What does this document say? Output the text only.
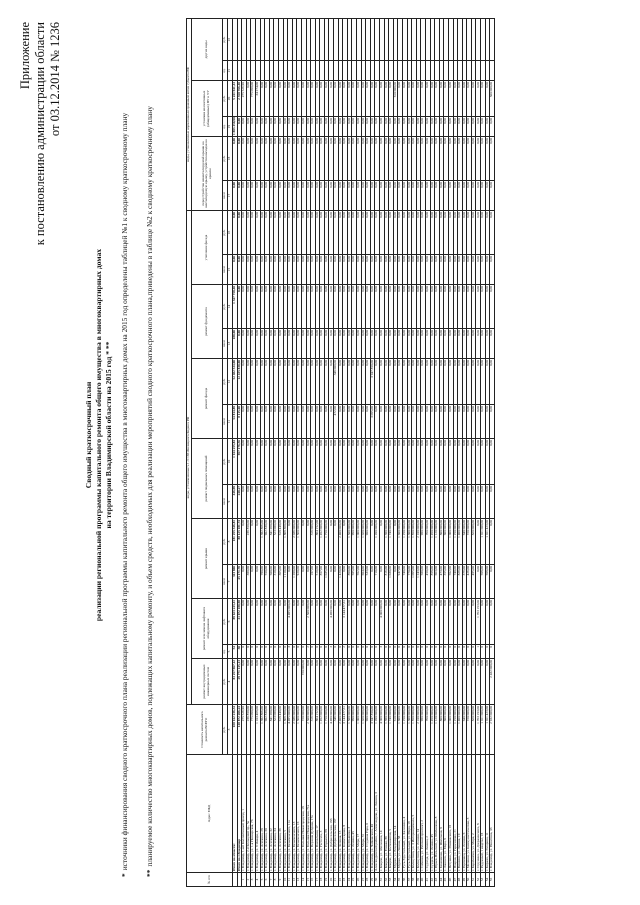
Приложение к постановлению администрации области от 03.12.2014 № 1236
Сводный краткосрочный план реализации региональной программы капитального ремонта общего имущества в многоквартирных домах на территории Владимирской области на 2015 год * **
*источники финансирования сводного краткосрочного плана реализации региональной программы капитального ремонта общего имущества в многоквартирных домах на 2015 год определены таблицей №1 к сводному краткосрочному плану
**планируемое количество многоквартирных домов, подлежащих капитальному ремонту, и объем средств, необходимых для реализации мероприятий сводного краткосрочного плана,приведены в таблице №2 к сводному краткосрочному плану
№ п/п	Адрес МКД	Стоимость капитального ремонта ВСЕГО	виды, установленные ч.1 ст.166 Жилищного Кодекса РФ													виды, установленные нормативным правовым актом субъекта РФ					
			ремонт внутридомовых инженерных систем	ремонт или замена лифтового оборудования		ремонт крыши		ремонт подвальных помещений		ремонт фасада		ремонт фундамента		утепление фасада		переустройство невентилируемой крыши на вентилируемую крышу, устройство выходов на кровлю		установка коллективных (общедомовых) ПУ и УУ		другие виды	
		руб.	руб.	ед.	руб.	кв.м	руб.	кв.м	руб.	кв.м	руб.	кв.м	руб.	кв.м	руб.	кв.м	руб.	ед.	руб.	ед.	руб.
		3	4	5	6	7	8	9	10	11	12	13	14	15	16	17	18	19	20	21	22
	Итого по области:	658 612 236,34	83 257 967,12	54	89 623 243,41	313 800	181 255 346,81	446,99	1 614 255,84	54 814,89	52 482 534,00	180,00	1 347 758,40	0,00	0,00	0,00	0,00	1 803 450,90	5 241 941,43		
	Итого по г.Владимир	148 872 206,24	29 771 145,13	30	41 072 180,98	45 171,70	88 125 181,74	240,27	957 176,56	8 115,60	12 435 830,00	0,00	0,00	0,00	0,00	0,00	0,00	0,00	2 358 766,40		
1	г. Владимир, 1-ый Коллективный проезд, 1	275 526,90	0,00	0	0,00	0,00	0,00	0,00	0,00	0,00	0,00	0,00	0,00	0,00	0,00	0,00	0,00	0,00	275 526,90		
2	г. Владимир, 2-й Кольцевой пр., 5а	236 850,00	0,00	0	0,00	380,00	236 850,00	0,00	0,00	0,00	0,00	0,00	0,00	0,00	0,00	0,00	0,00	0,00	0,00		
3	г. Владимир, ул. 1-я Пионерская, 76	775 090,00	0,00	0	0,00	0,00	0,00	0,00	0,00	0,00	0,00	0,00	0,00	0,00	0,00	0,00	0,00	0,00	775 090,00		
4	г. Владимир, ул. 9 Января, 4	1 103 468,00	0,00	0	0,00	0,00	0,00	0,00	0,00	0,00	0,00	0,00	0,00	0,00	0,00	0,00	0,00	0,00	34 274,00		
5	г. Владимир, ул. Асаткина, 28	1 382 866,00	0,00	0	0,00	780,00	1 382 866,00	0,00	0,00	0,00	0,00	0,00	0,00	0,00	0,00	0,00	0,00	0,00	0,00		
6	г. Владимир, ул. Асаткина, 30	902 830,00	0,00	0	0,00	550,00	902 830,00	0,00	0,00	0,00	0,00	0,00	0,00	0,00	0,00	0,00	0,00	0,00	0,00		
7	г. Владимир, ул. Асаткина, 32	841 260,00	0,00	0	0,00	500,00	841 260,00	0,00	0,00	0,00	0,00	0,00	0,00	0,00	0,00	0,00	0,00	0,00	0,00		
8	г. Владимир, ул. Асаткина, 34	523 080,00	0,00	0	0,00	310,00	523 080,00	0,00	0,00	0,00	0,00	0,00	0,00	0,00	0,00	0,00	0,00	0,00	0,00		
9	г. Владимир, ул. Асаткина, 36	618 440,00	0,00	0	0,00	365,00	618 440,00	0,00	0,00	0,00	0,00	0,00	0,00	0,00	0,00	0,00	0,00	0,00	0,00		
10	г. Владимир, ул. Асаткина, 5	1 869 360,00	0,00	0	0,00	1 110,00	1 869 360,00	0,00	0,00	0,00	0,00	0,00	0,00	0,00	0,00	0,00	0,00	0,00	0,00		
11	г. Владимир, ул. Безыменского, 11а	4 485 000,00	0,00	3	4 485 000,00	0,00	0,00	0,00	0,00	0,00	0,00	0,00	0,00	0,00	0,00	0,00	0,00	0,00	0,00		
12	г. Владимир, ул. Безыменского, 13	2 036 000,00	0,00	0	0,00	1 200,00	2 036 000,00	0,00	0,00	0,00	0,00	0,00	0,00	0,00	0,00	0,00	0,00	0,00	0,00		
13	г. Владимир, ул. Безыменского, 16	1 560 000,00	0,00	0	0,00	920,00	1 560 000,00	0,00	0,00	0,00	0,00	0,00	0,00	0,00	0,00	0,00	0,00	0,00	0,00		
14	г. Владимир, ул. Большая Нижегородская, 18	720 000,00	720 000,00	0	0,00	0,00	0,00	0,00	0,00	0,00	0,00	0,00	0,00	0,00	0,00	0,00	0,00	0,00	0,00		
15	г. Владимир, ул. Большая Нижегородская, 71а	2 500 000,00	0,00	2	2 500 000,00	0,00	0,00	0,00	0,00	0,00	0,00	0,00	0,00	0,00	0,00	0,00	0,00	0,00	0,00		
16	г. Владимир, ул. Верхняя Дуброва, 17а	316 000,00	0,00	0	0,00	187,00	316 000,00	0,00	0,00	0,00	0,00	0,00	0,00	0,00	0,00	0,00	0,00	0,00	0,00		
17	г. Владимир, ул. Вокзальная, 17	864 152,00	0,00	0	0,00	510,00	864 152,00	0,00	0,00	0,00	0,00	0,00	0,00	0,00	0,00	0,00	0,00	0,00	0,00		
18	г. Владимир, ул. Гастелло, 3	1 452 000,00	0,00	0	0,00	857,00	1 452 000,00	0,00	0,00	0,00	0,00	0,00	0,00	0,00	0,00	0,00	0,00	0,00	0,00		
19	г. Владимир, ул. Горького, 68	1 750 000,00	0,00	0	0,00	1 035,00	1 750 000,00	0,00	0,00	0,00	0,00	0,00	0,00	0,00	0,00	0,00	0,00	0,00	0,00		
20	г. Владимир, ул. Добросельская, 183	4 480 000,00	0,00	3	4 480 000,00	0,00	0,00	0,00	0,00	0,00	0,00	0,00	0,00	0,00	0,00	0,00	0,00	0,00	0,00		
21	г. Владимир, ул. Добросельская, 187	346 000,00	0,00	0	0,00	0,00	0,00	0,00	0,00	472,00	346 000,00	0,00	0,00	0,00	0,00	0,00	0,00	0,00	0,00		
22	г. Владимир, ул. Зеленая, 13	2 400 000,00	0,00	0	0,00	1 420,00	2 400 000,00	0,00	0,00	0,00	0,00	0,00	0,00	0,00	0,00	0,00	0,00	0,00	0,00		
23	г. Владимир, ул. Комиссарова, 8	3 144 477,61	0,00	2	3 144 477,61	0,00	0,00	0,00	0,00	0,00	0,00	0,00	0,00	0,00	0,00	0,00	0,00	0,00	0,00		
24	г. Владимир, ул. Куйбышева, 3	1 500 000,00	0,00	0	0,00	890,00	1 500 000,00	0,00	0,00	0,00	0,00	0,00	0,00	0,00	0,00	0,00	0,00	0,00	0,00		
25	г. Владимир, ул. Ленина, 45	990 000,00	0,00	0	0,00	585,00	990 000,00	0,00	0,00	0,00	0,00	0,00	0,00	0,00	0,00	0,00	0,00	0,00	0,00		
26	г. Владимир, ул. Мира, 17	1 000 000,00	0,00	0	0,00	592,00	1 000 000,00	0,00	0,00	0,00	0,00	0,00	0,00	0,00	0,00	0,00	0,00	0,00	0,00		
27	г. Владимир, ул. Мира, 31	1 020 000,00	0,00	0	0,00	604,00	1 020 000,00	0,00	0,00	0,00	0,00	0,00	0,00	0,00	0,00	0,00	0,00	0,00	0,00		
28	г. Владимир, ул. Студеная Гора, 6	900 000,00	0,00	0	0,00	533,00	900 000,00	0,00	0,00	0,00	0,00	0,00	0,00	0,00	0,00	0,00	0,00	0,00	0,00		
29	г. Владимир, ул. Чайковского, 40	3 947 850,00	0,00	0	0,00	0,00	0,00	0,00	0,00	3 095,00	3 947 850,00	0,00	0,00	0,00	0,00	0,00	0,00	0,00	0,00		
30	Александровский район, г. Александров, ул. Ленина, 3	1 200 000,00	0,00	0	0,00	710,00	1 200 000,00	0,00	0,00	0,00	0,00	0,00	0,00	0,00	0,00	0,00	0,00	0,00	0,00		
31	г. Ковров, ул. Абельмана, 14	4 000 000,00	0,00	3	4 000 000,00	0,00	0,00	0,00	0,00	0,00	0,00	0,00	0,00	0,00	0,00	0,00	0,00	0,00	0,00		
32	г. Ковров, ул. Еловая, 86	1 380 000,00	0,00	0	0,00	816,00	1 380 000,00	0,00	0,00	0,00	0,00	0,00	0,00	0,00	0,00	0,00	0,00	0,00	0,00		
33	г. Ковров, ул. Космонавтов, 5	1 740 000,00	0,00	0	0,00	1 030,00	1 740 000,00	0,00	0,00	0,00	0,00	0,00	0,00	0,00	0,00	0,00	0,00	0,00	0,00		
34	г. Муром, ул. Владимирская, 14	610 000,00	0,00	0	0,00	0,00	0,00	0,00	0,00	0,00	0,00	0,00	0,00	0,00	0,00	0,00	0,00	0,00	610 000,00		
35	г. Муром, ул. Ленина, 58	1 600 000,00	0,00	0	0,00	947,00	1 600 000,00	0,00	0,00	0,00	0,00	0,00	0,00	0,00	0,00	0,00	0,00	0,00	0,00		
36	г. Гусь-Хрустальный, ул. Калинина, 4	1 250 000,00	0,00	0	0,00	740,00	1 250 000,00	0,00	0,00	0,00	0,00	0,00	0,00	0,00	0,00	0,00	0,00	0,00	0,00		
37	г. Гусь-Хрустальный, ул. Мира, 19	1 300 000,00	0,00	0	0,00	770,00	1 300 000,00	0,00	0,00	0,00	0,00	0,00	0,00	0,00	0,00	0,00	0,00	0,00	0,00		
38	г. Кольчугино, ул. 3 Интернационала, 5	1 850 000,00	0,00	0	0,00	1 095,00	1 850 000,00	0,00	0,00	0,00	0,00	0,00	0,00	0,00	0,00	0,00	0,00	0,00	0,00		
39	г. Кольчугино, ул. Ленина, 14	2 100 000,00	0,00	0	0,00	1 243,00	2 100 000,00	0,00	0,00	0,00	0,00	0,00	0,00	0,00	0,00	0,00	0,00	0,00	0,00		
40	г. Собинка, ул. Рабочий проспект, 2	980 000,00	0,00	0	0,00	580,00	980 000,00	0,00	0,00	0,00	0,00	0,00	0,00	0,00	0,00	0,00	0,00	0,00	0,00		
41	г. Судогда, ул. Ленина, 2	760 000,00	0,00	0	0,00	450,00	760 000,00	0,00	0,00	0,00	0,00	0,00	0,00	0,00	0,00	0,00	0,00	0,00	0,00		
42	г. Суздаль, ул. Ленина, 45	1 450 000,00	0,00	0	0,00	858,00	1 450 000,00	0,00	0,00	0,00	0,00	0,00	0,00	0,00	0,00	0,00	0,00	0,00	0,00		
43	г. Юрьев-Польский, ул. Шибанкова, 8	1 120 000,00	0,00	0	0,00	663,00	1 120 000,00	0,00	0,00	0,00	0,00	0,00	0,00	0,00	0,00	0,00	0,00	0,00	0,00		
44	г. Камешково, ул. Школьная, 8	800 000,00	0,00	0	0,00	473,00	800 000,00	0,00	0,00	0,00	0,00	0,00	0,00	0,00	0,00	0,00	0,00	0,00	0,00		
45	г. Лакинск, ул. Мира, 9	600 000,00	0,00	0	0,00	355,00	600 000,00	0,00	0,00	0,00	0,00	0,00	0,00	0,00	0,00	0,00	0,00	0,00	0,00		
46	г. Петушки, ул. Маяковского, 18	1 000 000,00	0,00	0	0,00	592,00	1 000 000,00	0,00	0,00	0,00	0,00	0,00	0,00	0,00	0,00	0,00	0,00	0,00	0,00		
47	г. Покров, ул. Герасимова, 21	1 250 000,00	0,00	0	0,00	740,00	1 250 000,00	0,00	0,00	0,00	0,00	0,00	0,00	0,00	0,00	0,00	0,00	0,00	0,00		
48	г. Вязники, ул. Ленина, 19	1 400 000,00	0,00	0	0,00	829,00	1 400 000,00	0,00	0,00	0,00	0,00	0,00	0,00	0,00	0,00	0,00	0,00	0,00	0,00		
49	г. Гороховец, ул. Ленина, 6	640 000,00	0,00	0	0,00	379,00	640 000,00	0,00	0,00	0,00	0,00	0,00	0,00	0,00	0,00	0,00	0,00	0,00	0,00		
50	г. Меленки, ул. Коммунистическая, 3	720 000,00	0,00	0	0,00	426,00	720 000,00	0,00	0,00	0,00	0,00	0,00	0,00	0,00	0,00	0,00	0,00	0,00	0,00		
51	г. Карабаново, ул. Мира, 2	820 000,00	0,00	0	0,00	485,00	820 000,00	0,00	0,00	0,00	0,00	0,00	0,00	0,00	0,00	0,00	0,00	0,00	0,00		
52	г. Струнино, ул. Дзержинского, 8	1 763 193,00	0,00	1	1 763 193,00	0,00	0,00	0,00	0,00	0,00	0,00	0,00	0,00	0,00	0,00	0,00	0,00	0,00	0,00		
53	г. Радужный, 1 квартал, 18	1 011 000,00	0,00	0	0,00	598,00	1 011 000,00	0,00	0,00	0,00	0,00	0,00	0,00	0,00	0,00	0,00	0,00	0,00	0,00		
54	г. Киржач, ул. Гагарина, 11	1 011 423,00	0,00	0	0,00	598,00	1 011 423,00	0,00	0,00	0,00	0,00	0,00	0,00	0,00	0,00	0,00	0,00	0,00	0,00		
55	г. Владимир, ул. Никитина, 33	2 932 000,00	2 432 000,00	0	0,00	0,00	0,00	0,00	0,00	0,00	0,00	0,00	0,00	0,00	0,00	0,00	0,00	0,00	500 000,00		
